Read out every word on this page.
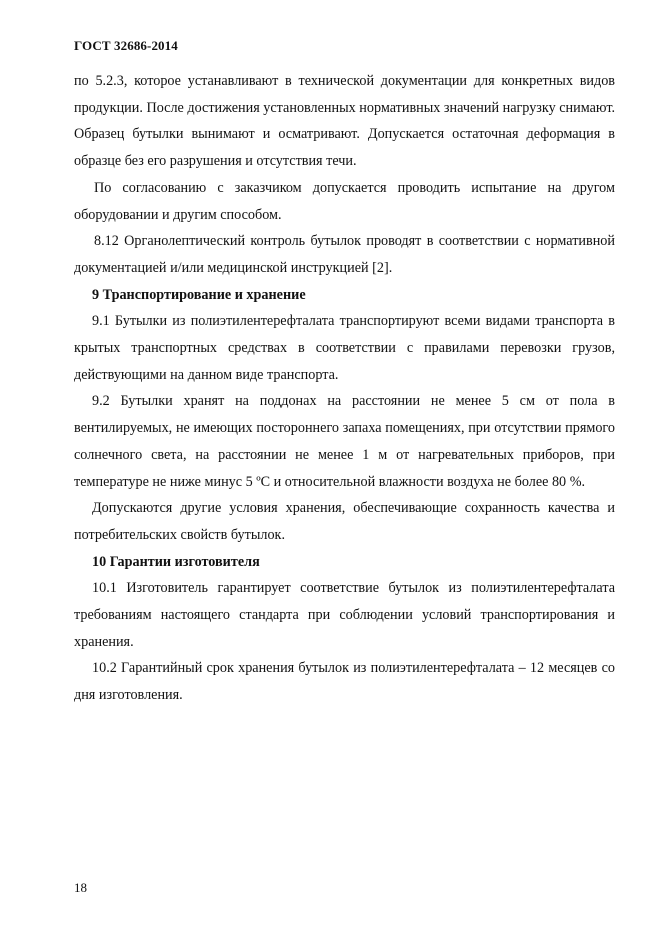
ГОСТ 32686-2014

по 5.2.3, которое устанавливают в технической документации для конкретных видов продукции. После достижения установленных нормативных значений нагрузку снимают. Образец бутылки вынимают и осматривают. Допускается остаточная деформация в образце без его разрушения и отсутствия течи.

По согласованию с заказчиком допускается проводить испытание на другом оборудовании и другим способом.

8.12 Органолептический контроль бутылок проводят в соответствии с нормативной документацией и/или медицинской инструкцией [2].

9 Транспортирование и хранение

9.1 Бутылки из полиэтилентерефталата транспортируют всеми видами транспорта в крытых транспортных средствах в соответствии с правилами перевозки грузов, действующими на данном виде транспорта.

9.2 Бутылки хранят на поддонах на расстоянии не менее 5 см от пола в вентилируемых, не имеющих постороннего запаха помещениях, при отсутствии прямого солнечного света, на расстоянии не менее 1 м от нагревательных приборов, при температуре не ниже минус 5 ºС и относительной влажности воздуха не более 80 %.

Допускаются другие условия хранения, обеспечивающие сохранность качества и потребительских свойств бутылок.

10 Гарантии изготовителя

10.1 Изготовитель гарантирует соответствие бутылок из полиэтилентерефталата требованиям настоящего стандарта при соблюдении условий транспортирования и хранения.

10.2 Гарантийный срок хранения бутылок из полиэтилентерефталата – 12 месяцев со дня изготовления.

18
